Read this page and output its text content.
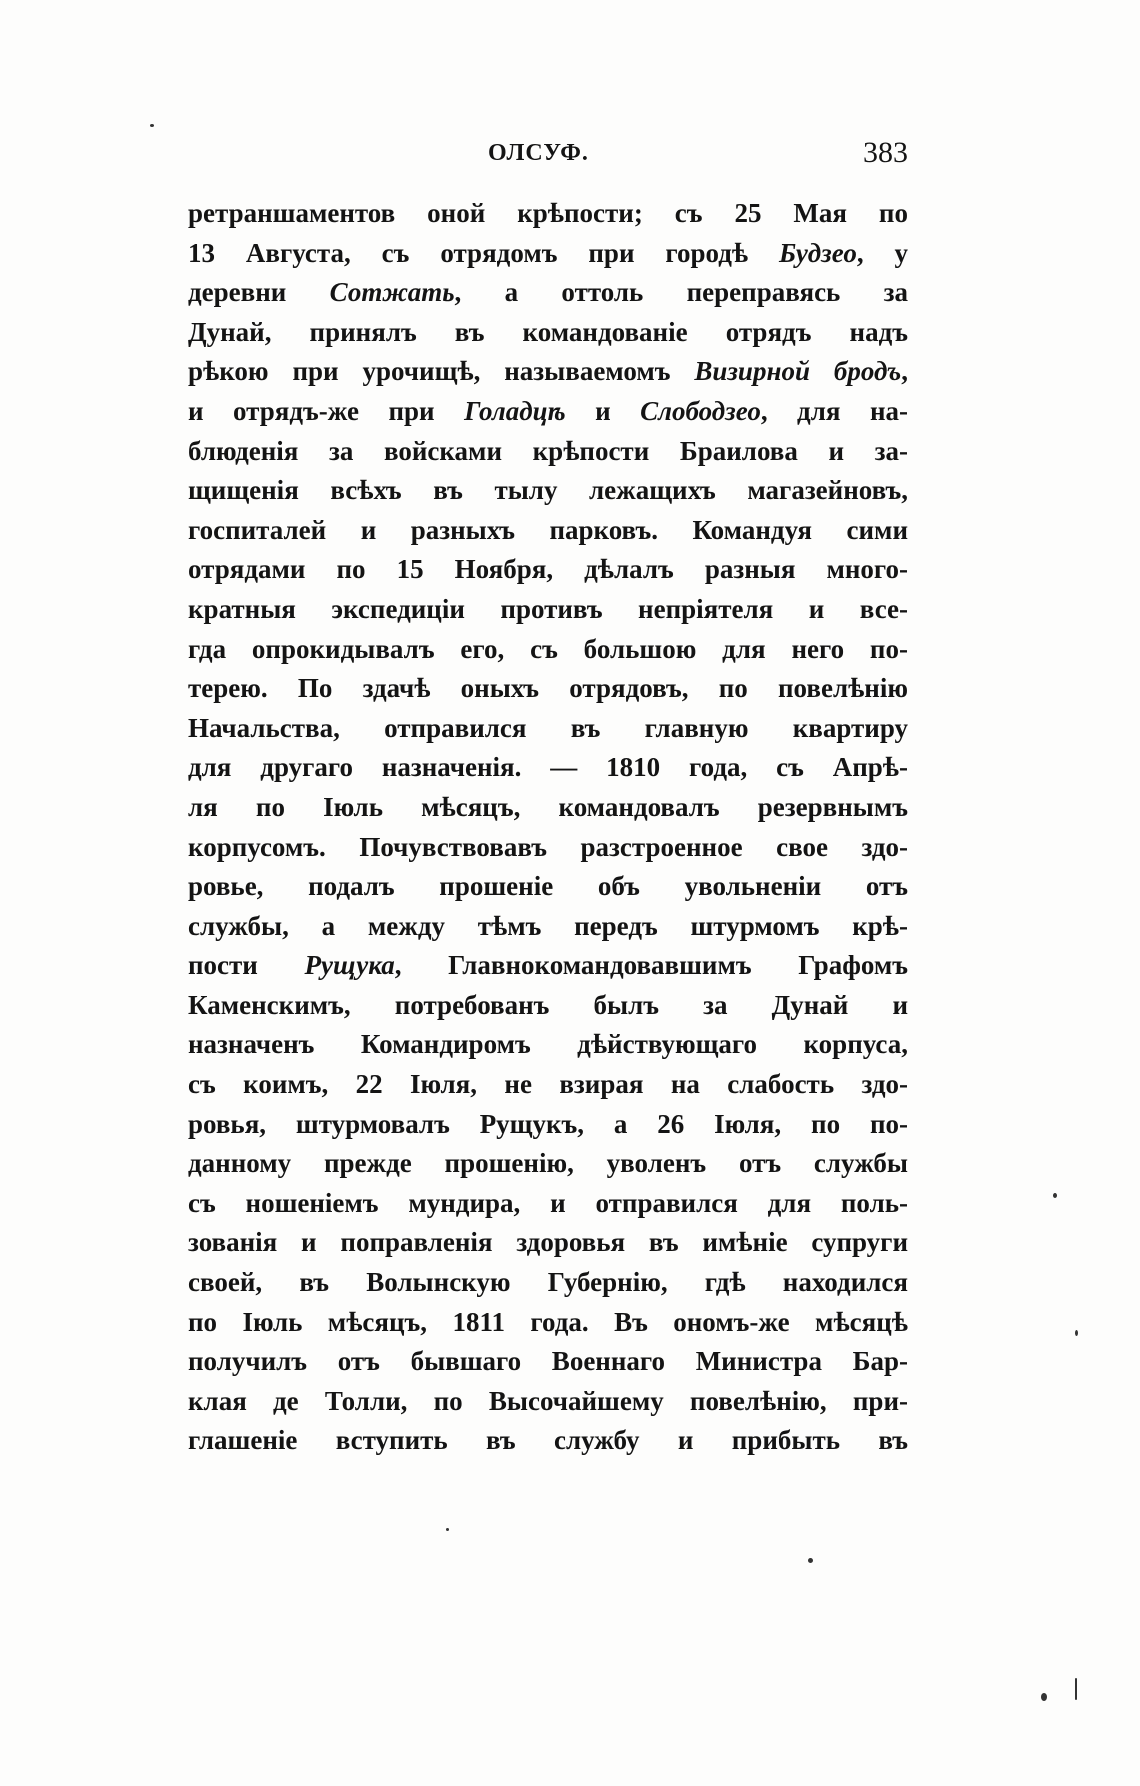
ОЛСУФ.	383
ретраншаментов оной крѣпости; съ 25 Мая по
13 Августа, съ отрядомъ при городѣ Будзео, у
деревни Сотжать, а оттоль переправясь за
Дунай, принялъ въ командованіе отрядъ надъ
рѣкою при урочищѣ, называемомъ Визирной бродъ,
и отрядъ-же при Голадцѣ и Слободзео, для на-
блюденія за войсками крѣпости Браилова и за-
щищенія всѣхъ въ тылу лежащихъ магазейновъ,
госпиталей и разныхъ парковъ. Командуя сими
отрядами по 15 Ноября, дѣлалъ разныя много-
кратныя экспедиціи противъ непріятеля и все-
гда опрокидывалъ его, съ большою для него по-
терею. По здачѣ оныхъ отрядовъ, по повелѣнію
Начальства, отправился въ главную квартиру
для другаго назначенія. — 1810 года, съ Апрѣ-
ля по Іюль мѣсяцъ, командовалъ резервнымъ
корпусомъ. Почувствовавъ разстроенное свое здо-
ровье, подалъ прошеніе объ увольненіи отъ
службы, а между тѣмъ передъ штурмомъ крѣ-
пости Рущука, Главнокомандовавшимъ Графомъ
Каменскимъ, потребованъ былъ за Дунай и
назначенъ Командиромъ дѣйствующаго корпуса,
съ коимъ, 22 Іюля, не взирая на слабость здо-
ровья, штурмовалъ Рущукъ, а 26 Іюля, по по-
данному прежде прошенію, уволенъ отъ службы
съ ношеніемъ мундира, и отправился для поль-
зованія и поправленія здоровья въ имѣніе супруги
своей, въ Волынскую Губернію, гдѣ находился
по Іюль мѣсяцъ, 1811 года. Въ ономъ-же мѣсяцѣ
получилъ отъ бывшаго Военнаго Министра Бар-
клая де Толли, по Высочайшему повелѣнію, при-
глашеніе вступить въ службу и прибыть въ
